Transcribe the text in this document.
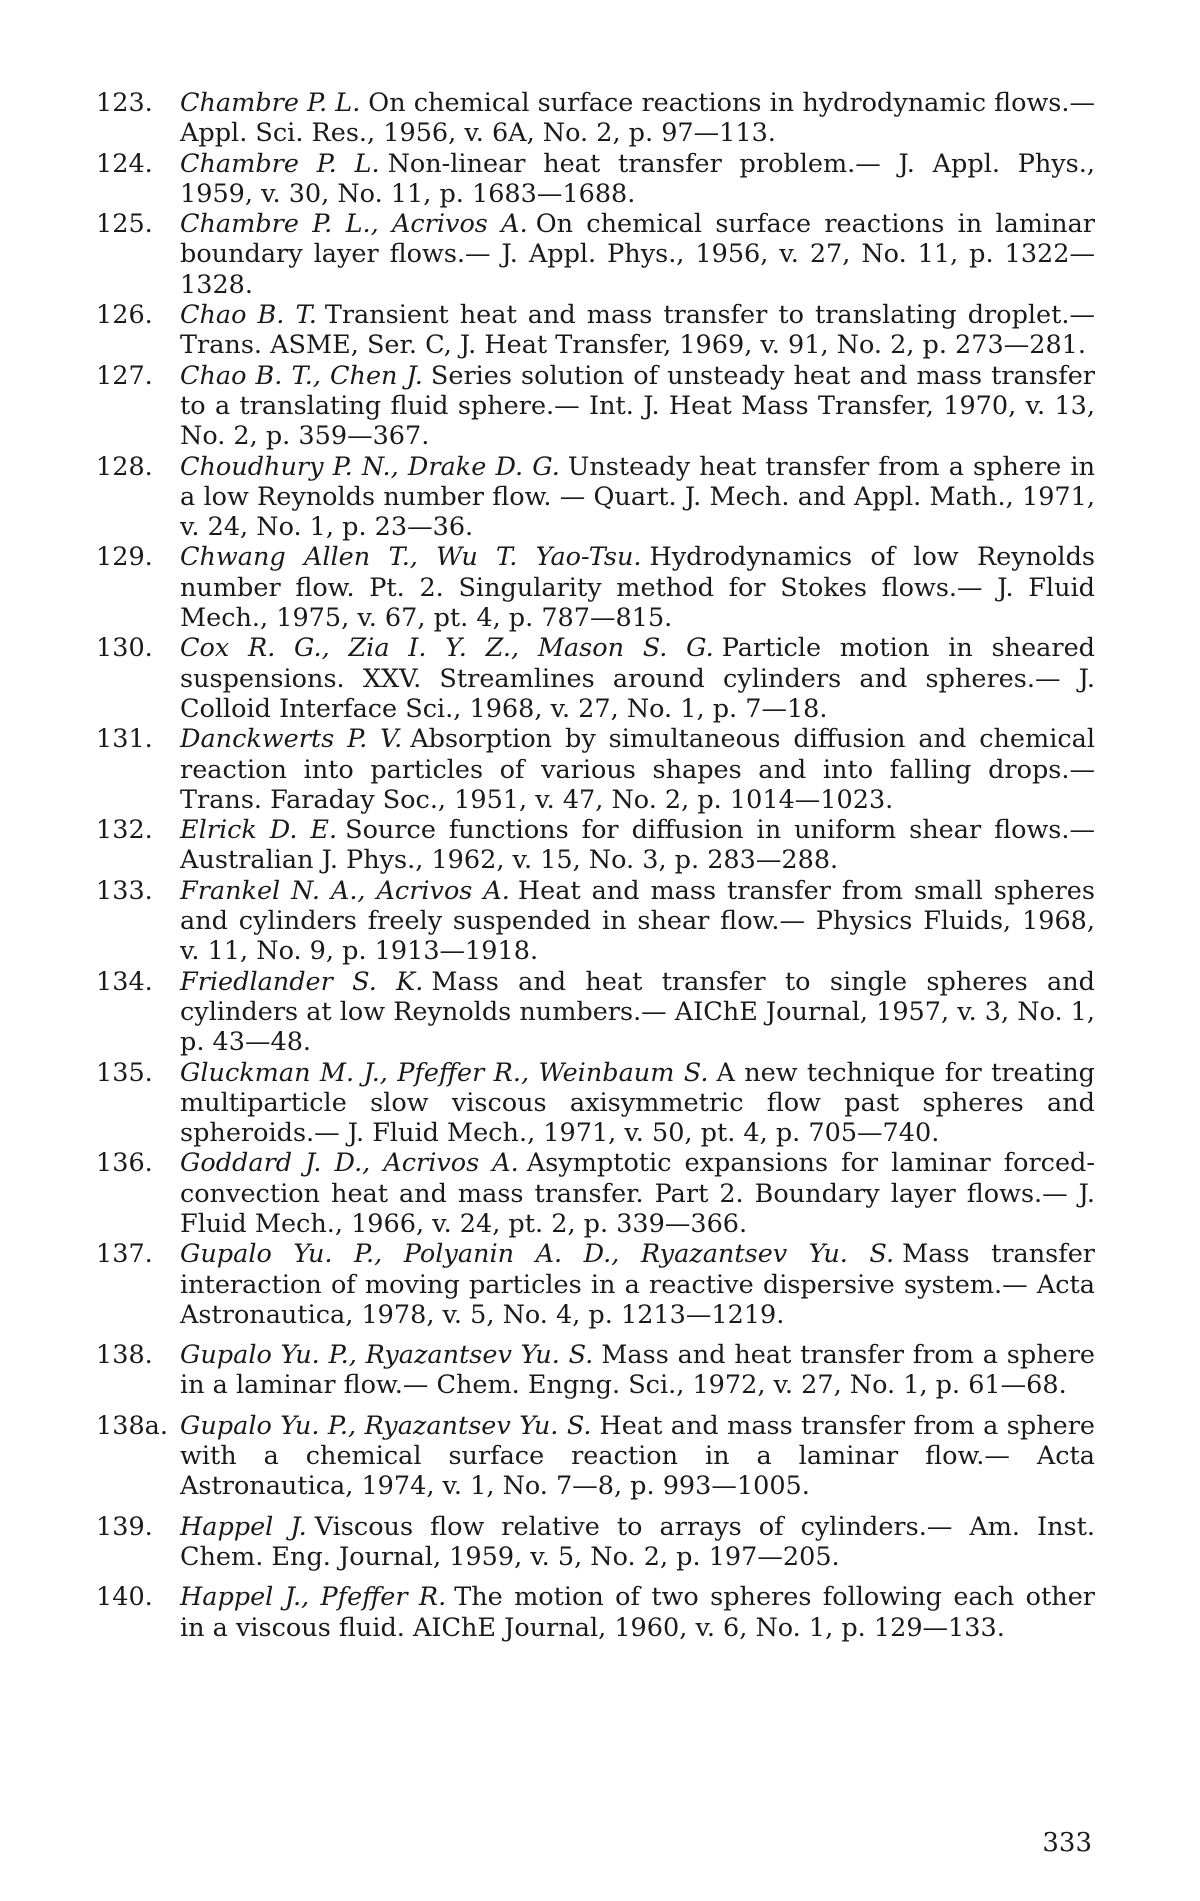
123.	Chambre P. L. On chemical surface reactions in hydrodynamic flows.— Appl. Sci. Res., 1956, v. 6A, No. 2, p. 97—113.
124.	Chambre P. L. Non-linear heat transfer problem.— J. Appl. Phys., 1959, v. 30, No. 11, p. 1683—1688.
125.	Chambre P. L., Acrivos A. On chemical surface reactions in laminar boundary layer flows.— J. Appl. Phys., 1956, v. 27, No. 11, p. 1322—1328.
126.	Chao B. T. Transient heat and mass transfer to translating droplet.— Trans. ASME, Ser. C, J. Heat Transfer, 1969, v. 91, No. 2, p. 273—281.
127.	Chao B. T., Chen J. Series solution of unsteady heat and mass transfer to a translating fluid sphere.— Int. J. Heat Mass Transfer, 1970, v. 13, No. 2, p. 359—367.
128.	Choudhury P. N., Drake D. G. Unsteady heat transfer from a sphere in a low Reynolds number flow. — Quart. J. Mech. and Appl. Math., 1971, v. 24, No. 1, p. 23—36.
129.	Chwang Allen T., Wu T. Yao-Tsu. Hydrodynamics of low Reynolds number flow. Pt. 2. Singularity method for Stokes flows.— J. Fluid Mech., 1975, v. 67, pt. 4, p. 787—815.
130.	Cox R. G., Zia I. Y. Z., Mason S. G. Particle motion in sheared suspensions. XXV. Streamlines around cylinders and spheres.— J. Colloid Interface Sci., 1968, v. 27, No. 1, p. 7—18.
131.	Danckwerts P. V. Absorption by simultaneous diffusion and chemical reaction into particles of various shapes and into falling drops.— Trans. Faraday Soc., 1951, v. 47, No. 2, p. 1014—1023.
132.	Elrick D. E. Source functions for diffusion in uniform shear flows.— Australian J. Phys., 1962, v. 15, No. 3, p. 283—288.
133.	Frankel N. A., Acrivos A. Heat and mass transfer from small spheres and cylinders freely suspended in shear flow.— Physics Fluids, 1968, v. 11, No. 9, p. 1913—1918.
134.	Friedlander S. K. Mass and heat transfer to single spheres and cylinders at low Reynolds numbers.— AIChE Journal, 1957, v. 3, No. 1, p. 43—48.
135.	Gluckman M. J., Pfeffer R., Weinbaum S. A new technique for treating multiparticle slow viscous axisymmetric flow past spheres and spheroids.— J. Fluid Mech., 1971, v. 50, pt. 4, p. 705—740.
136.	Goddard J. D., Acrivos A. Asymptotic expansions for laminar forced-convection heat and mass transfer. Part 2. Boundary layer flows.— J. Fluid Mech., 1966, v. 24, pt. 2, p. 339—366.
137.	Gupalo Yu. P., Polyanin A. D., Ryazantsev Yu. S. Mass transfer interaction of moving particles in a reactive dispersive system.— Acta Astronautica, 1978, v. 5, No. 4, p. 1213—1219.
138.	Gupalo Yu. P., Ryazantsev Yu. S. Mass and heat transfer from a sphere in a laminar flow.— Chem. Engng. Sci., 1972, v. 27, No. 1, p. 61—68.
138a. Gupalo Yu. P., Ryazantsev Yu. S. Heat and mass transfer from a sphere with a chemical surface reaction in a laminar flow.— Acta Astronautica, 1974, v. 1, No. 7—8, p. 993—1005.
139.	Happel J. Viscous flow relative to arrays of cylinders.— Am. Inst. Chem. Eng. Journal, 1959, v. 5, No. 2, p. 197—205.
140.	Happel J., Pfeffer R. The motion of two spheres following each other in a viscous fluid. AIChE Journal, 1960, v. 6, No. 1, p. 129—133.
333
